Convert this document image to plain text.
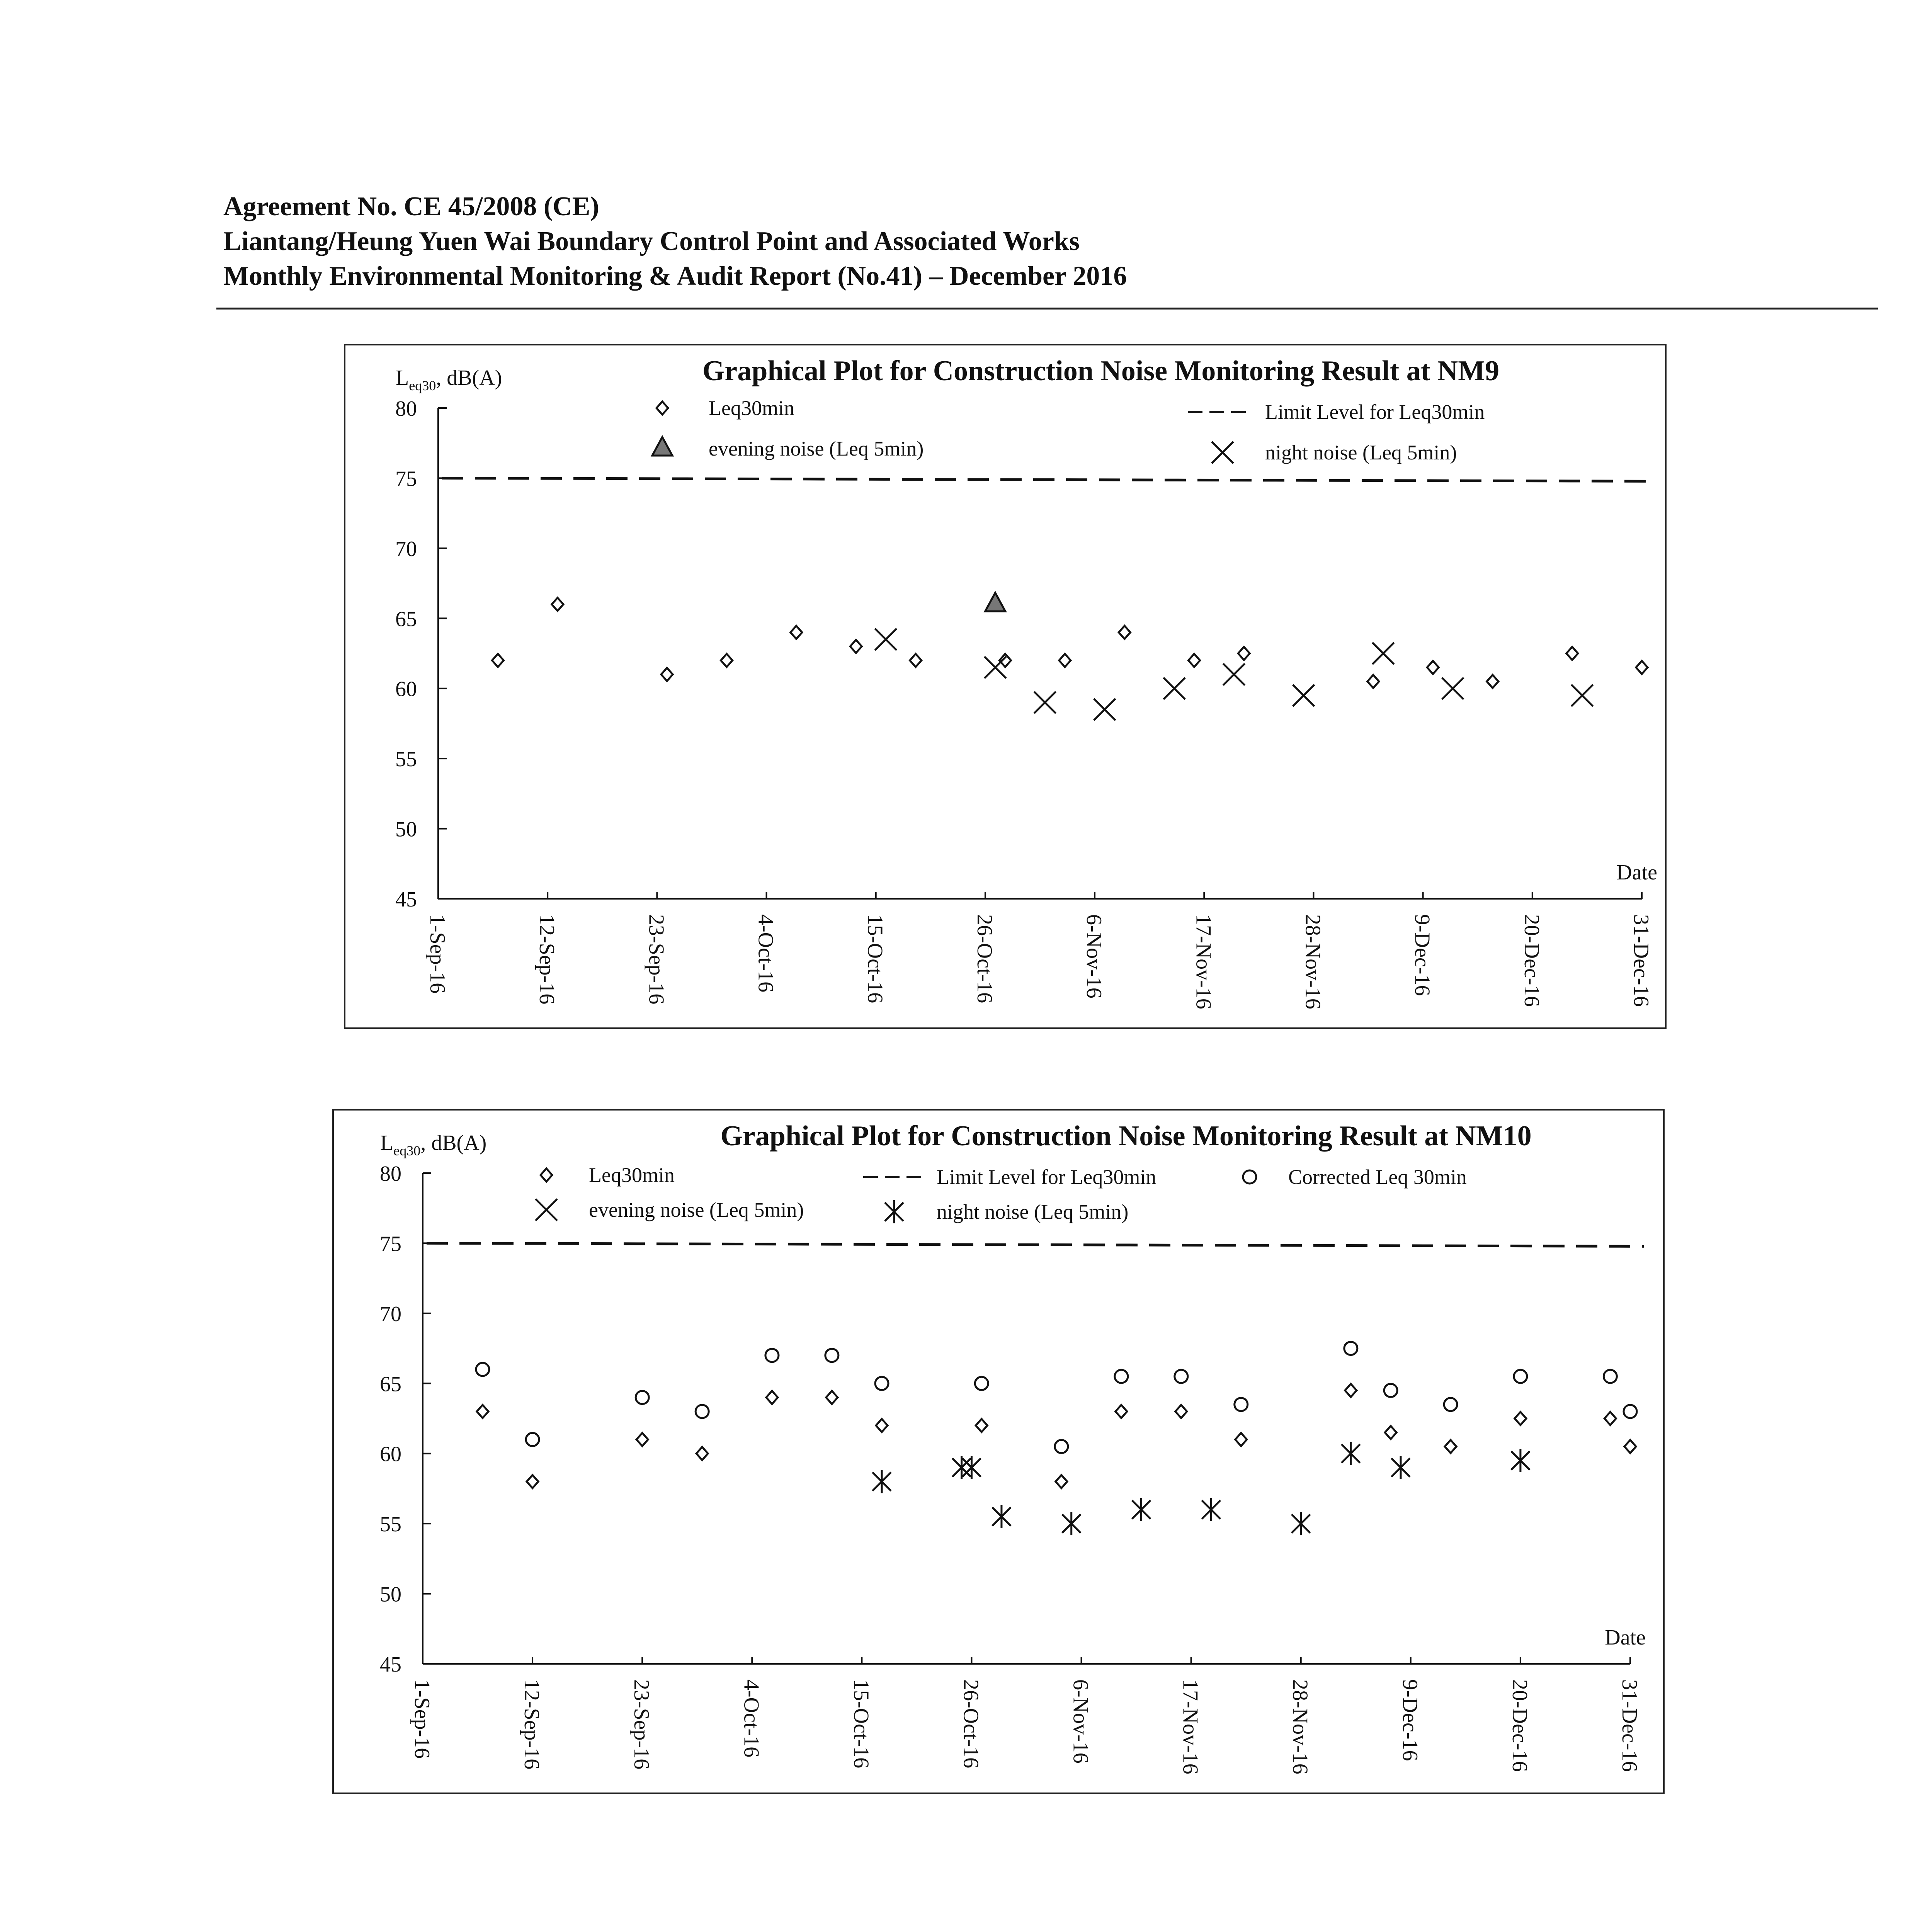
Agreement No. CE 45/2008 (CE)
Liantang/Heung Yuen Wai Boundary Control Point and Associated Works
Monthly Environmental Monitoring & Audit Report (No.41) – December 2016
Graphical Plot for Construction Noise Monitoring Result at NM9
$L_{eq30}$, dB(A)
45
50
55
60
65
70
75
80
1-Sep-16	12-Sep-16	23-Sep-16	4-Oct-16	15-Oct-16	26-Oct-16	6-Nov-16	17-Nov-16	28-Nov-16	9-Dec-16	20-Dec-16	31-Dec-16
Date
Leq30min	Limit Level for Leq30min
evening noise (Leq 5min)	night noise (Leq 5min)
Graphical Plot for Construction Noise Monitoring Result at NM10
$L_{eq30}$, dB(A)
45
50
55
60
65
70
75
80
1-Sep-16	12-Sep-16	23-Sep-16	4-Oct-16	15-Oct-16	26-Oct-16	6-Nov-16	17-Nov-16	28-Nov-16	9-Dec-16	20-Dec-16	31-Dec-16
Date
Leq30min	Limit Level for Leq30min	Corrected Leq 30min
evening noise (Leq 5min)	night noise (Leq 5min)
